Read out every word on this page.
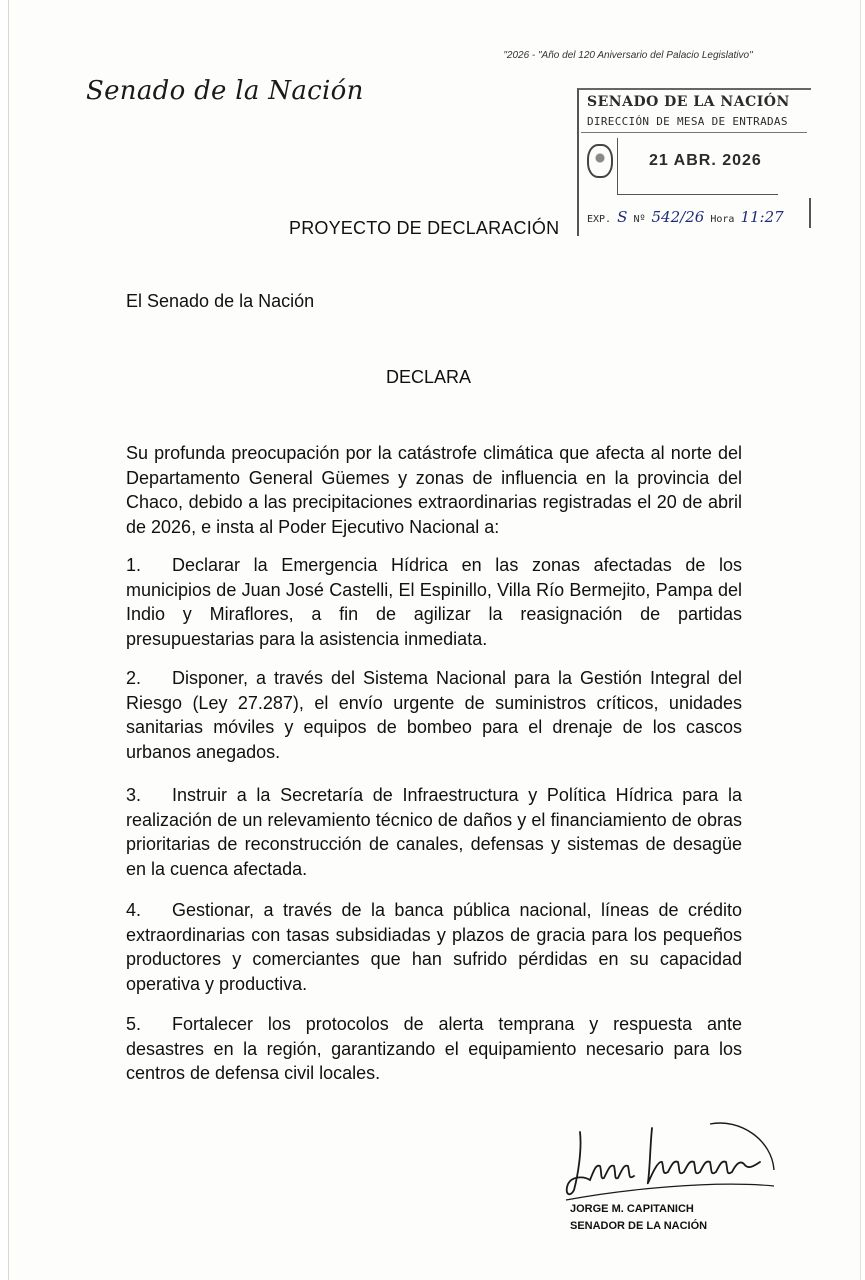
"2026 - "Año del 120 Aniversario del Palacio Legislativo"
Senado de la Nación	SENADO DE LA NACIÓN
DIRECCIÓN DE MESA DE ENTRADAS
21 ABR. 2026
EXP. S Nº 542/26 Hora 11:27
PROYECTO DE DECLARACIÓN
El Senado de la Nación
DECLARA
Su profunda preocupación por la catástrofe climática que afecta al norte del Departamento General Güemes y zonas de influencia en la provincia del Chaco, debido a las precipitaciones extraordinarias registradas el 20 de abril de 2026, e insta al Poder Ejecutivo Nacional a:
1. Declarar la Emergencia Hídrica en las zonas afectadas de los municipios de Juan José Castelli, El Espinillo, Villa Río Bermejito, Pampa del Indio y Miraflores, a fin de agilizar la reasignación de partidas presupuestarias para la asistencia inmediata.
2. Disponer, a través del Sistema Nacional para la Gestión Integral del Riesgo (Ley 27.287), el envío urgente de suministros críticos, unidades sanitarias móviles y equipos de bombeo para el drenaje de los cascos urbanos anegados.
3. Instruir a la Secretaría de Infraestructura y Política Hídrica para la realización de un relevamiento técnico de daños y el financiamiento de obras prioritarias de reconstrucción de canales, defensas y sistemas de desagüe en la cuenca afectada.
4. Gestionar, a través de la banca pública nacional, líneas de crédito extraordinarias con tasas subsidiadas y plazos de gracia para los pequeños productores y comerciantes que han sufrido pérdidas en su capacidad operativa y productiva.
5. Fortalecer los protocolos de alerta temprana y respuesta ante desastres en la región, garantizando el equipamiento necesario para los centros de defensa civil locales.
JORGE M. CAPITANICH
SENADOR DE LA NACIÓN
